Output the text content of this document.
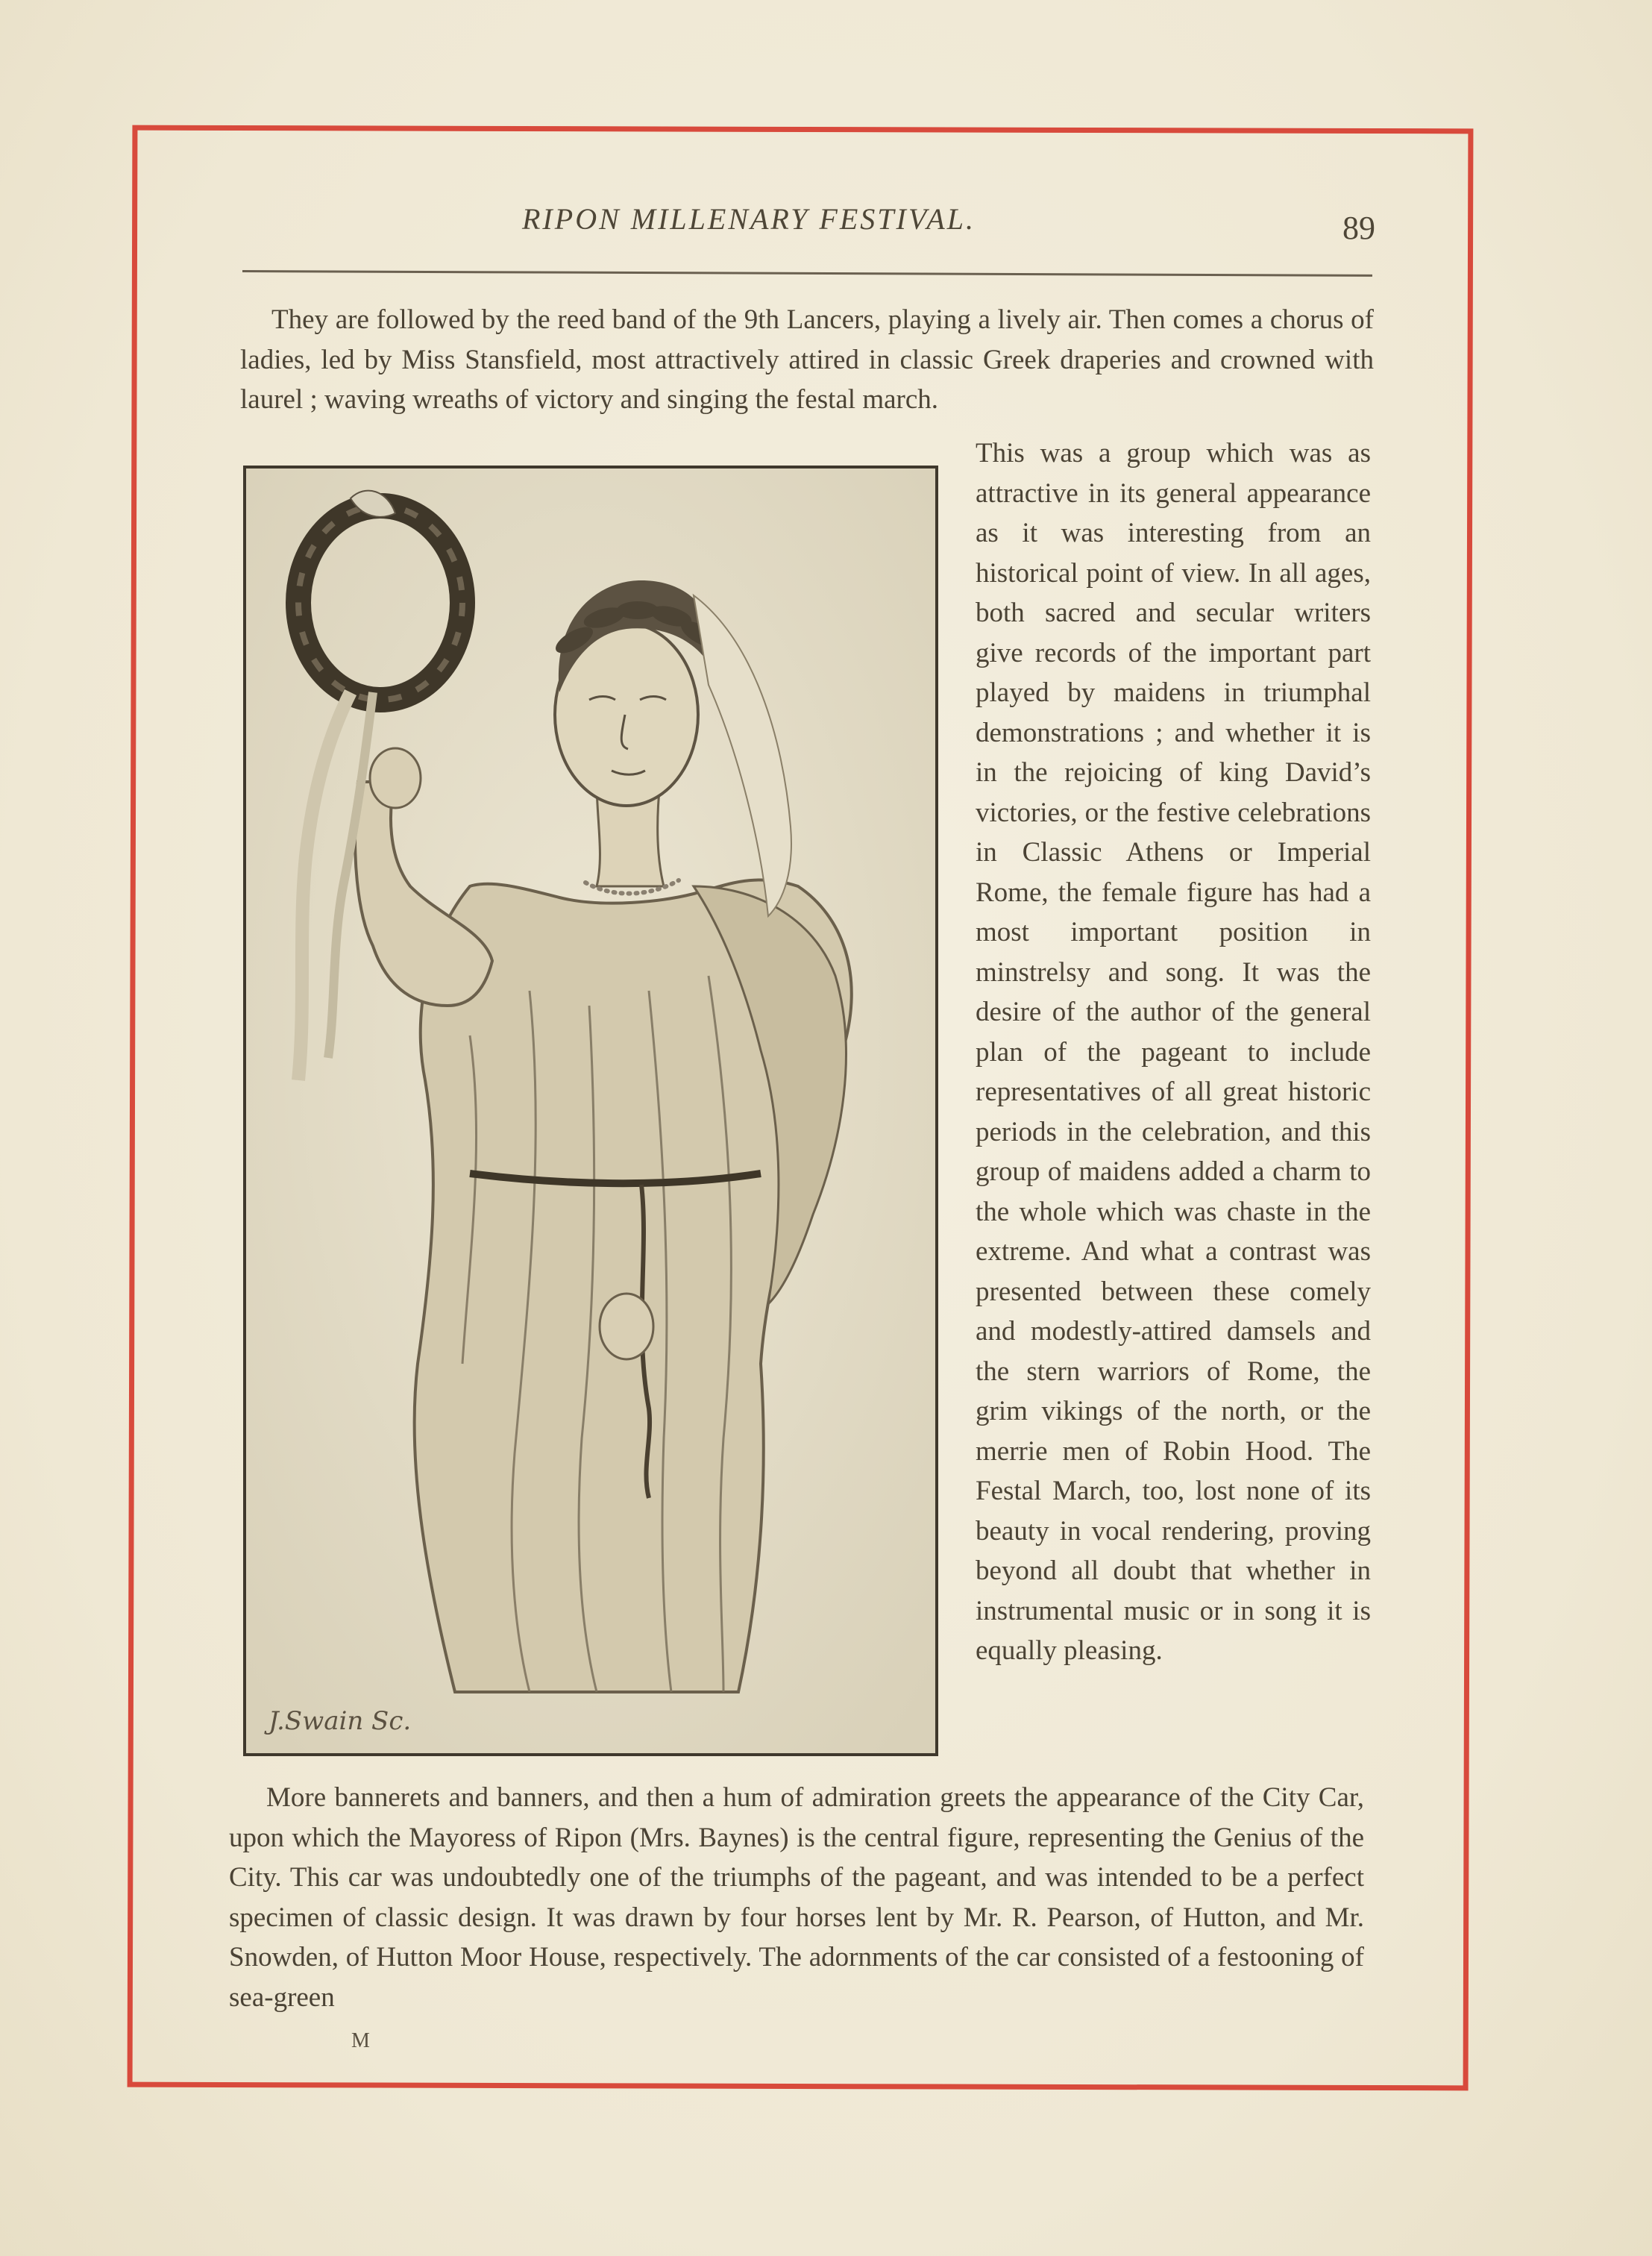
RIPON MILLENARY FESTIVAL.	89
They are followed by the reed band of the 9th Lancers, playing a lively air. Then comes a chorus of ladies, led by Miss Stansfield, most attractively attired in classic Greek draperies and crowned with laurel ; waving wreaths of victory and singing the festal march.
J.Swain Sc.
This was a group which was as attractive in its general appearance as it was interesting from an historical point of view. In all ages, both sacred and secular writers give records of the important part played by maidens in triumphal demonstrations ; and whether it is in the rejoicing of king David’s victories, or the festive celebrations in Classic Athens or Imperial Rome, the female figure has had a most important position in minstrelsy and song. It was the desire of the author of the general plan of the pageant to include representatives of all great historic periods in the celebration, and this group of maidens added a charm to the whole which was chaste in the extreme. And what a contrast was presented between these comely and modestly-attired damsels and the stern warriors of Rome, the grim vikings of the north, or the merrie men of Robin Hood. The Festal March, too, lost none of its beauty in vocal rendering, proving beyond all doubt that whether in instrumental music or in song it is equally pleasing.
More bannerets and banners, and then a hum of admiration greets the appearance of the City Car, upon which the Mayoress of Ripon (Mrs. Baynes) is the central figure, representing the Genius of the City. This car was undoubtedly one of the triumphs of the pageant, and was intended to be a perfect specimen of classic design. It was drawn by four horses lent by Mr. R. Pearson, of Hutton, and Mr. Snowden, of Hutton Moor House, respectively. The adornments of the car consisted of a festooning of sea-green
M
